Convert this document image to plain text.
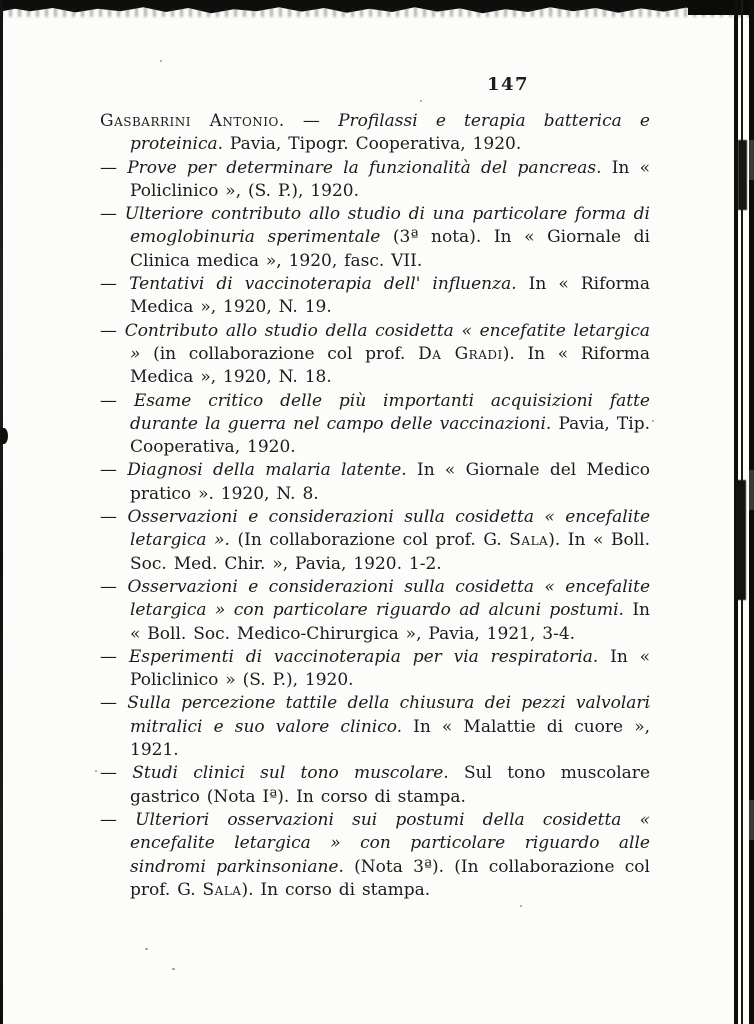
147

Gasbarrini Antonio. — Profilassi e terapia batterica e proteinica. Pavia, Tipogr. Cooperativa, 1920.

— Prove per determinare la funzionalità del pancreas. In « Policlinico », (S. P.), 1920.

— Ulteriore contributo allo studio di una particolare forma di emoglobinuria sperimentale (3ª nota). In « Giornale di Clinica medica », 1920, fasc. VII.

— Tentativi di vaccinoterapia dell' influenza. In « Riforma Medica », 1920, N. 19.

— Contributo allo studio della cosidetta « encefatite letargica » (in collaborazione col prof. Da Gradi). In « Riforma Medica », 1920, N. 18.

— Esame critico delle più importanti acquisizioni fatte durante la guerra nel campo delle vaccinazioni. Pavia, Tip. Cooperativa, 1920.

— Diagnosi della malaria latente. In « Giornale del Medico pratico ». 1920, N. 8.

— Osservazioni e considerazioni sulla cosidetta « encefalite letargica ». (In collaborazione col prof. G. Sala). In « Boll. Soc. Med. Chir. », Pavia, 1920. 1-2.

— Osservazioni e considerazioni sulla cosidetta « encefalite letargica » con particolare riguardo ad alcuni postumi. In « Boll. Soc. Medico-Chirurgica », Pavia, 1921, 3-4.

— Esperimenti di vaccinoterapia per via respiratoria. In « Policlinico » (S. P.), 1920.

— Sulla percezione tattile della chiusura dei pezzi valvolari mitralici e suo valore clinico. In « Malattie di cuore », 1921.

— Studi clinici sul tono muscolare. Sul tono muscolare gastrico (Nota Iª). In corso di stampa.

— Ulteriori osservazioni sui postumi della cosidetta « encefalite letargica » con particolare riguardo alle sindromi parkinsoniane. (Nota 3ª). (In collaborazione col prof. G. Sala). In corso di stampa.
